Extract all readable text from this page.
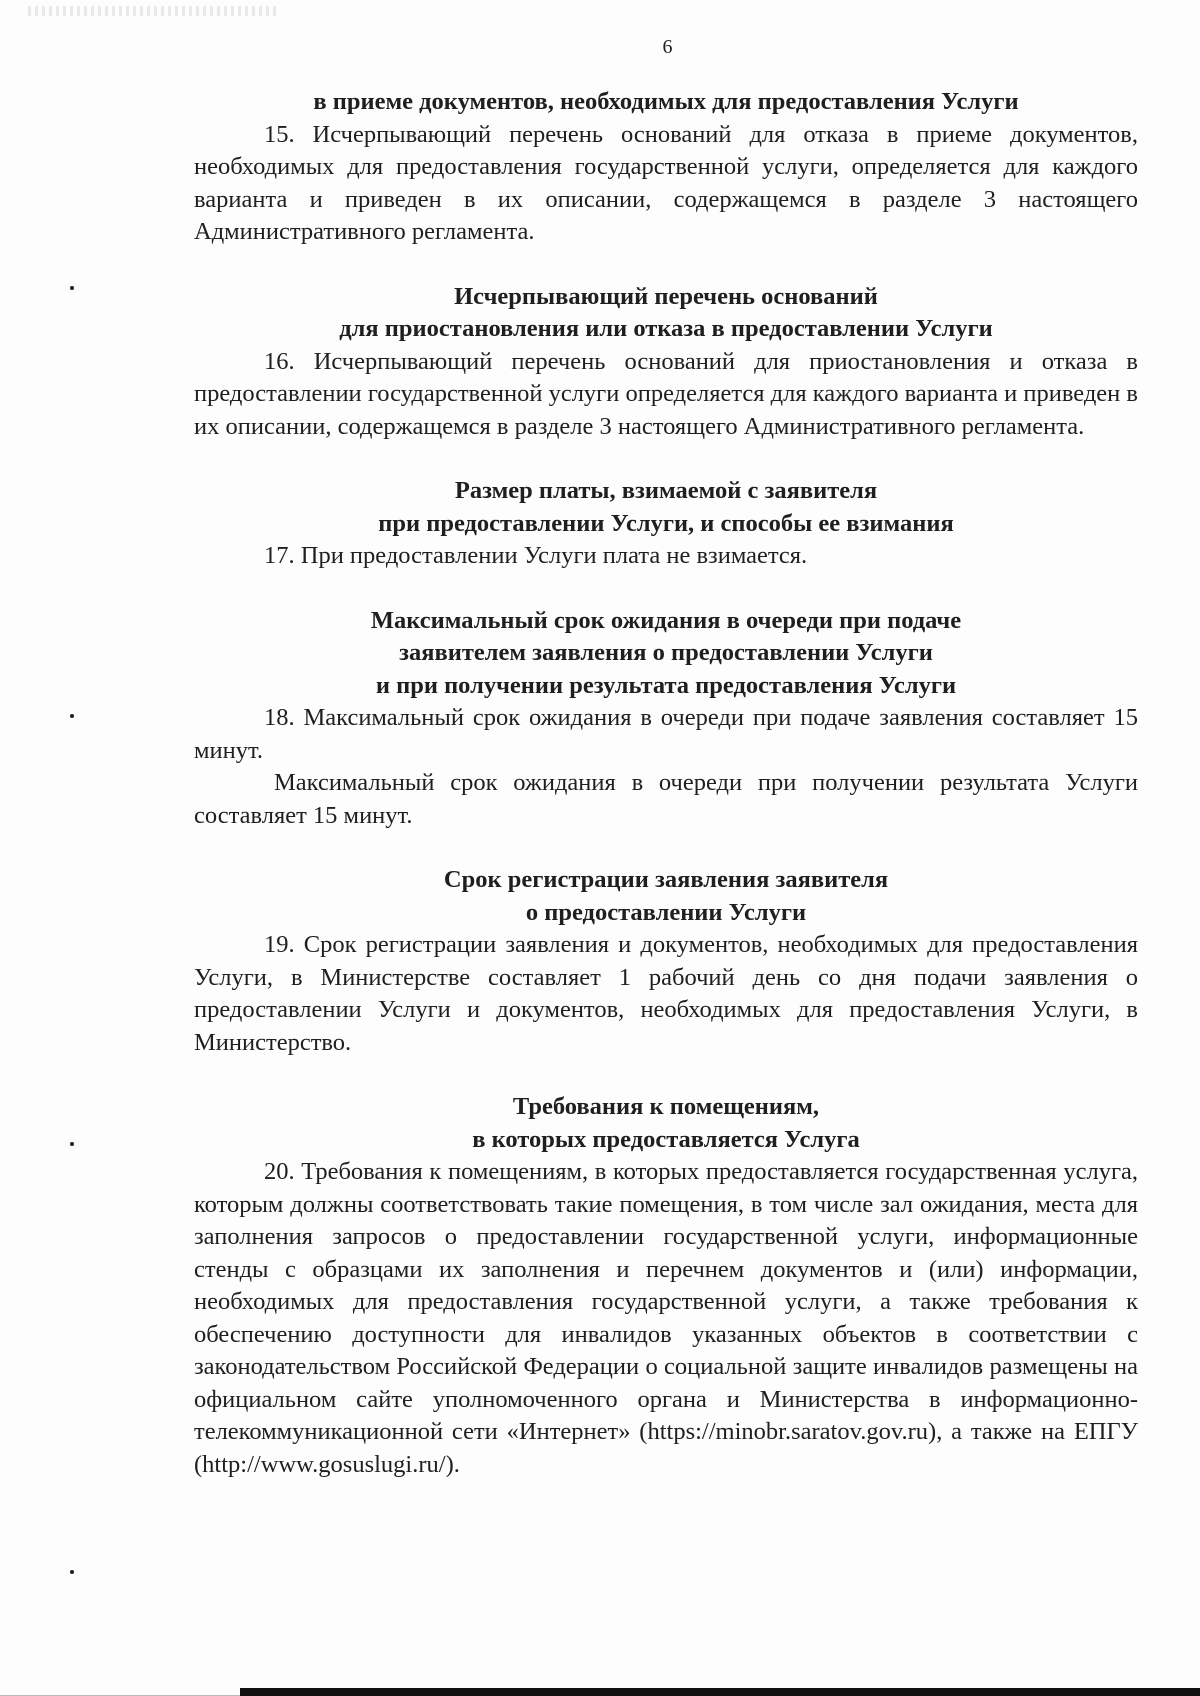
6

в приеме документов, необходимых для предоставления Услуги

15. Исчерпывающий перечень оснований для отказа в приеме документов, необходимых для предоставления государственной услуги, определяется для каждого варианта и приведен в их описании, содержащемся в разделе 3 настоящего Административного регламента.

Исчерпывающий перечень оснований
для приостановления или отказа в предоставлении Услуги

16. Исчерпывающий перечень оснований для приостановления и отказа в предоставлении государственной услуги определяется для каждого варианта и приведен в их описании, содержащемся в разделе 3 настоящего Административного регламента.

Размер платы, взимаемой с заявителя
при предоставлении Услуги, и способы ее взимания

17. При предоставлении Услуги плата не взимается.

Максимальный срок ожидания в очереди при подаче
заявителем заявления о предоставлении Услуги
и при получении результата предоставления Услуги

18. Максимальный срок ожидания в очереди при подаче заявления составляет 15 минут.

Максимальный срок ожидания в очереди при получении результата Услуги составляет 15 минут.

Срок регистрации заявления заявителя
о предоставлении Услуги

19. Срок регистрации заявления и документов, необходимых для предоставления Услуги, в Министерстве составляет 1 рабочий день со дня подачи заявления о предоставлении Услуги и документов, необходимых для предоставления Услуги, в Министерство.

Требования к помещениям,
в которых предоставляется Услуга

20. Требования к помещениям, в которых предоставляется государственная услуга, которым должны соответствовать такие помещения, в том числе зал ожидания, места для заполнения запросов о предоставлении государственной услуги, информационные стенды с образцами их заполнения и перечнем документов и (или) информации, необходимых для предоставления государственной услуги, а также требования к обеспечению доступности для инвалидов указанных объектов в соответствии с законодательством Российской Федерации о социальной защите инвалидов размещены на официальном сайте уполномоченного органа и Министерства в информационно-телекоммуникационной сети «Интернет» (https://minobr.saratov.gov.ru), а также на ЕПГУ (http://www.gosuslugi.ru/).
